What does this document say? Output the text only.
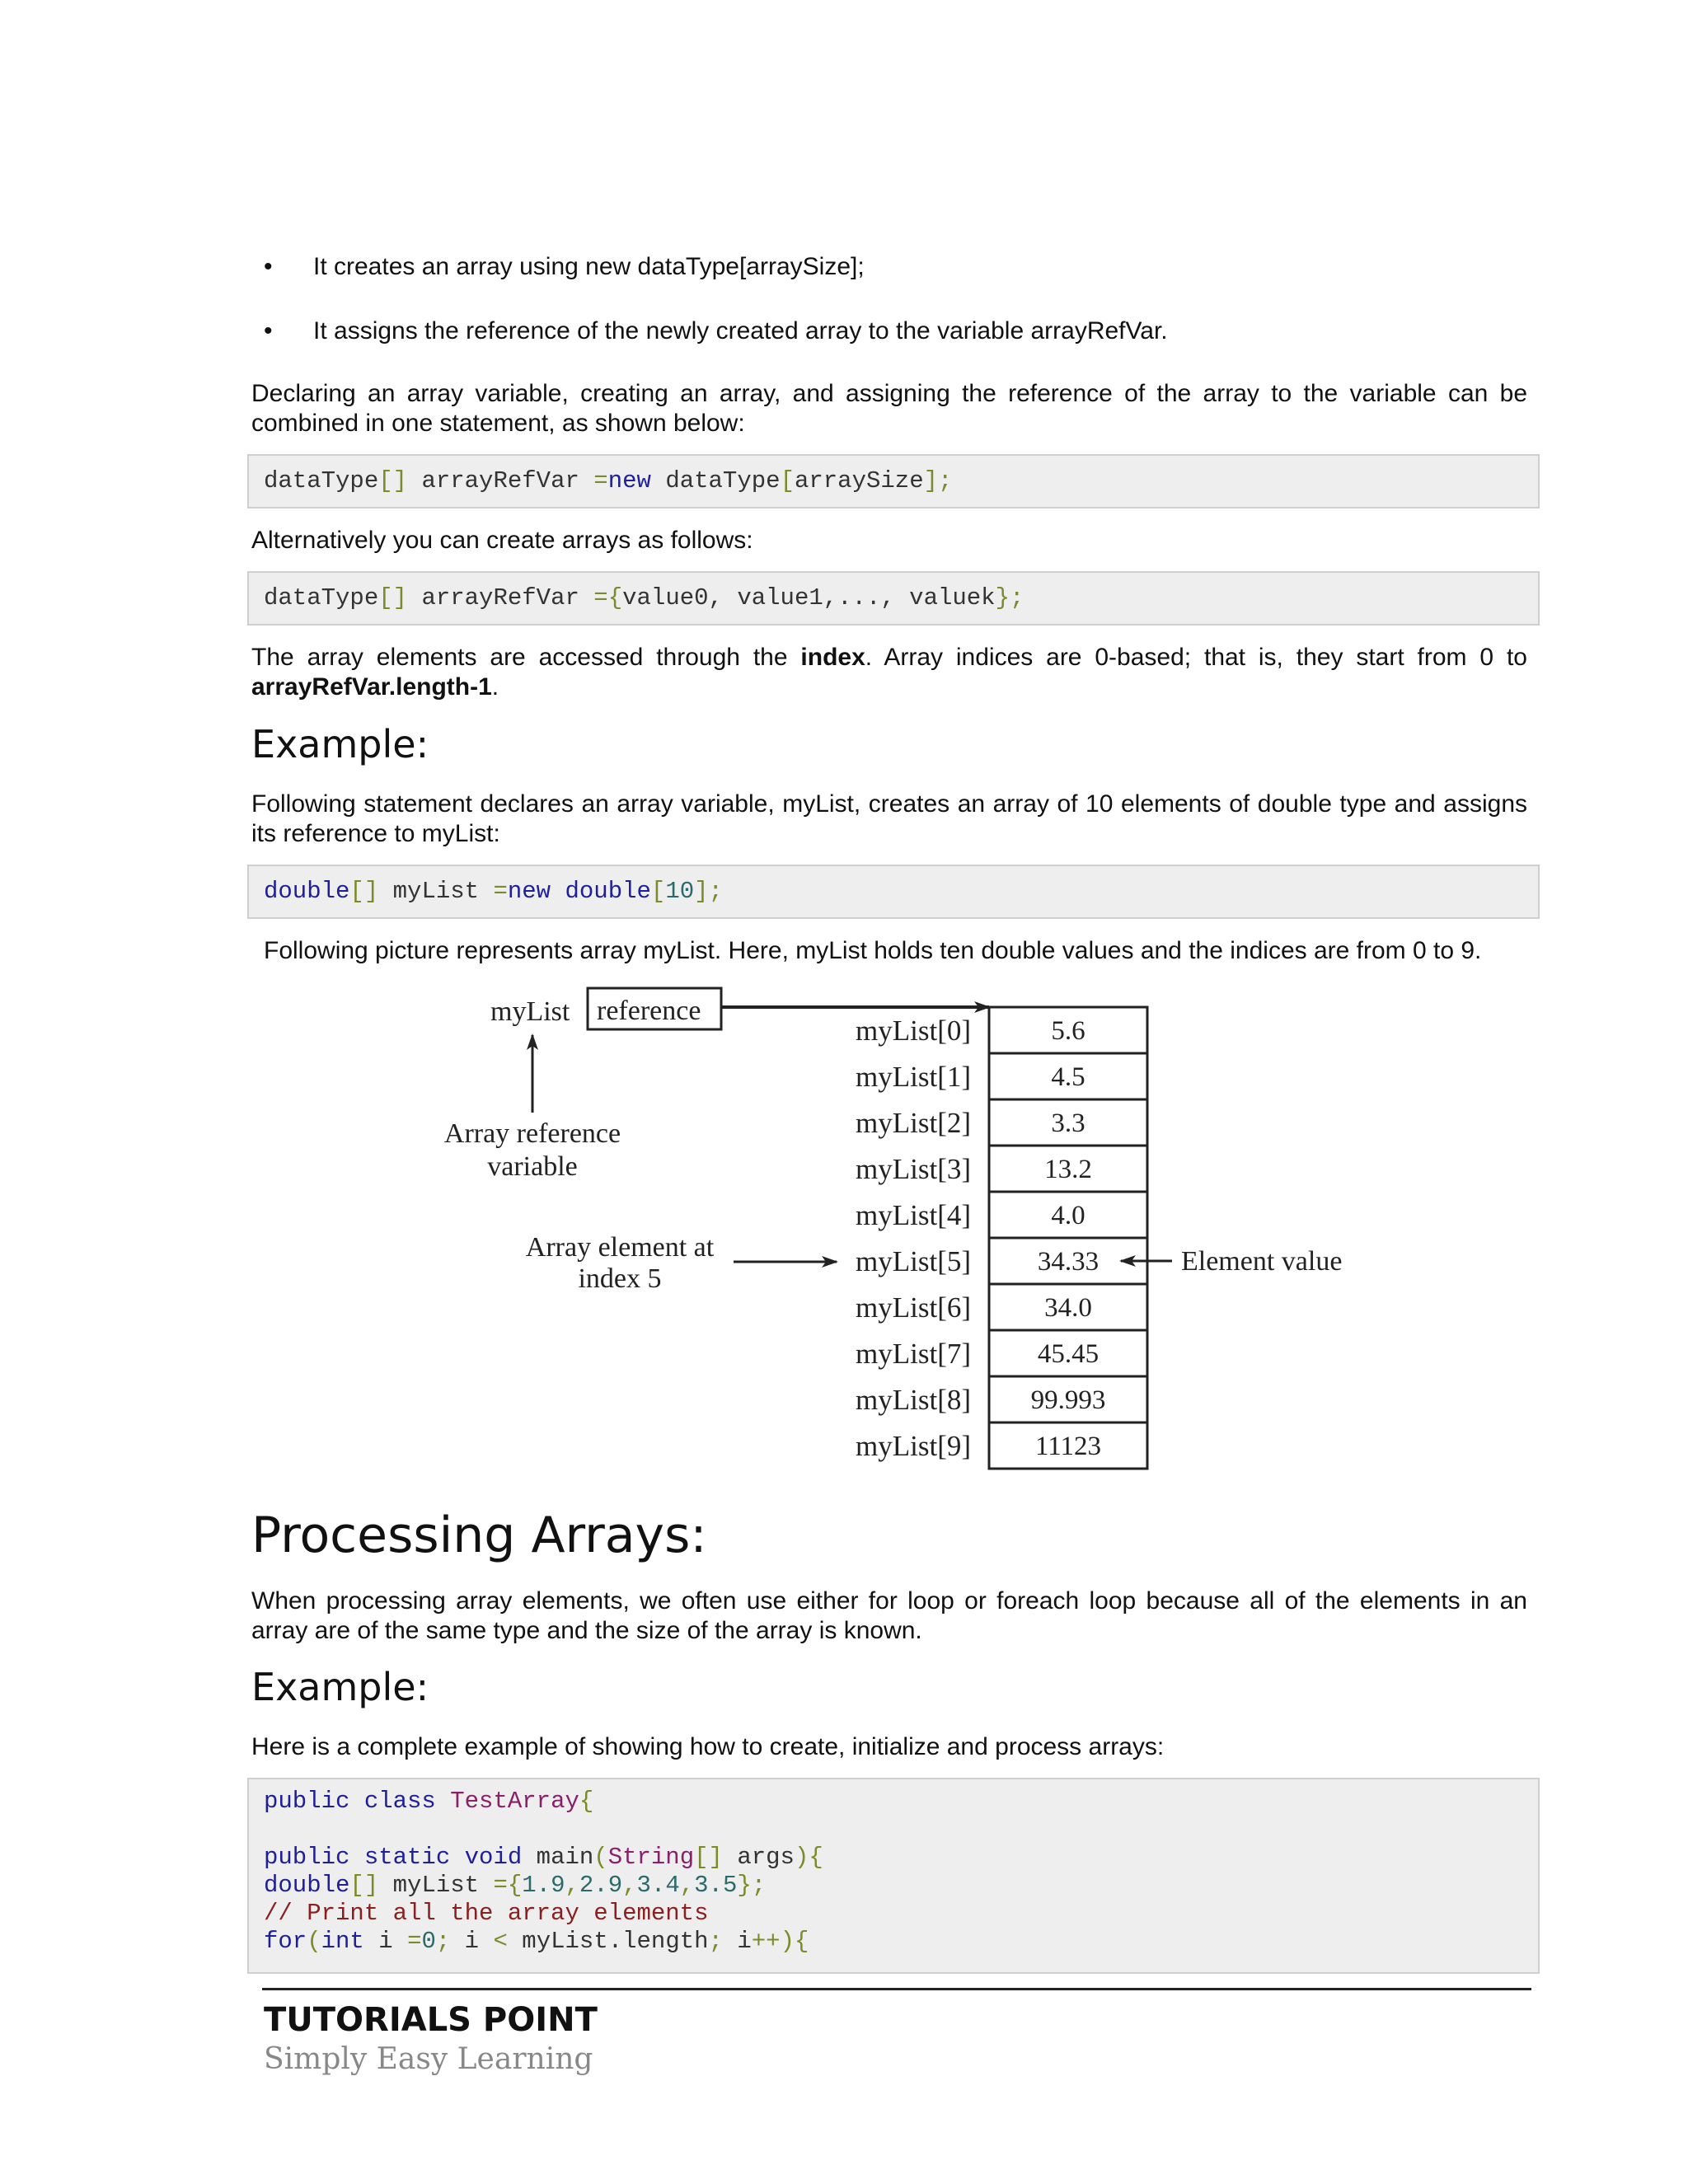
• It creates an array using new dataType[arraySize];
• It assigns the reference of the newly created array to the variable arrayRefVar.
Declaring an array variable, creating an array, and assigning the reference of the array to the variable can be combined in one statement, as shown below:
dataType[] arrayRefVar =new dataType[arraySize];
Alternatively you can create arrays as follows:
dataType[] arrayRefVar ={value0, value1,..., valuek};
The array elements are accessed through the index. Array indices are 0-based; that is, they start from 0 to arrayRefVar.length-1.
Example:
Following statement declares an array variable, myList, creates an array of 10 elements of double type and assigns its reference to myList:
double[] myList =new double[10];
Following picture represents array myList. Here, myList holds ten double values and the indices are from 0 to 9.
myList reference
Array reference
variable
Array element at
index 5
Element value
5.6
myList[0]
4.5
myList[1]
3.3
myList[2]
13.2
myList[3]
4.0
myList[4]
34.33
myList[5]
34.0
myList[6]
45.45
myList[7]
99.993
myList[8]
11123
myList[9]
Processing Arrays:
When processing array elements, we often use either for loop or foreach loop because all of the elements in an array are of the same type and the size of the array is known.
Example:
Here is a complete example of showing how to create, initialize and process arrays:
public class TestArray{
public static void main(String[] args){
double[] myList ={1.9,2.9,3.4,3.5};
// Print all the array elements
for(int i =0; i < myList.length; i++){
TUTORIALS POINT
Simply Easy Learning
